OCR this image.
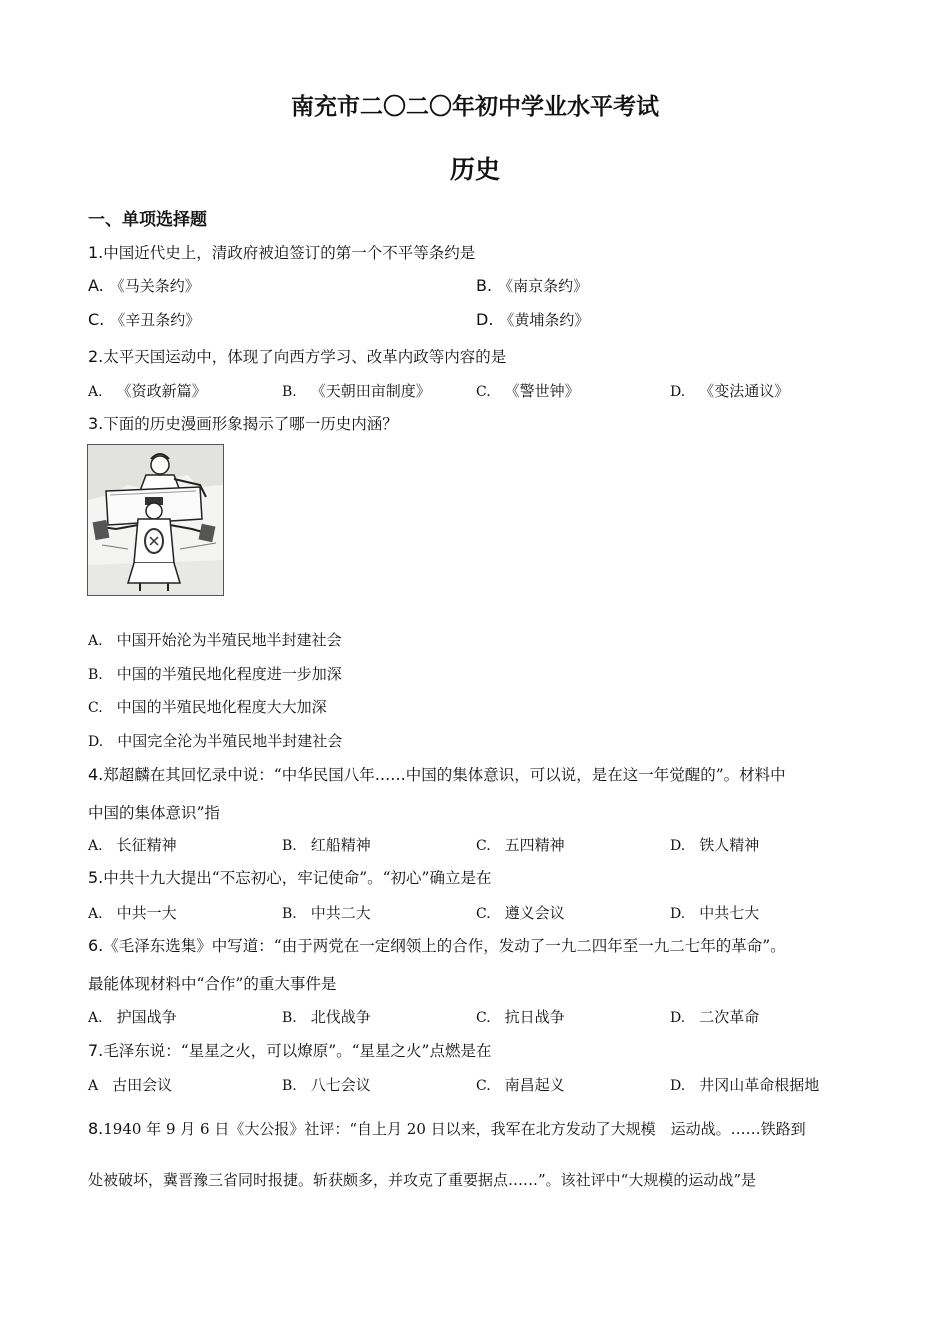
南充市二〇二〇年初中学业水平考试
历史
一、单项选择题
1.中国近代史上，清政府被迫签订的第一个不平等条约是
A. 《马关条约》	B. 《南京条约》
C. 《辛丑条约》	D. 《黄埔条约》
2.太平天国运动中，体现了向西方学习、改革内政等内容的是
A. 《资政新篇》	B. 《天朝田亩制度》	C. 《警世钟》	D. 《变法通议》
3.下面的历史漫画形象揭示了哪一历史内涵？
A. 中国开始沦为半殖民地半封建社会
B. 中国的半殖民地化程度进一步加深
C. 中国的半殖民地化程度大大加深
D. 中国完全沦为半殖民地半封建社会
4.郑超麟在其回忆录中说：“中华民国八年……中国的集体意识，可以说，是在这一年觉醒的”。材料中
中国的集体意识”指
A. 长征精神	B. 红船精神	C. 五四精神	D. 铁人精神
5.中共十九大提出“不忘初心，牢记使命”。“初心”确立是在
A. 中共一大	B. 中共二大	C. 遵义会议	D. 中共七大
6.《毛泽东选集》中写道：“由于两党在一定纲领上的合作，发动了一九二四年至一九二七年的革命”。
最能体现材料中“合作”的重大事件是
A. 护国战争	B. 北伐战争	C. 抗日战争	D. 二次革命
7.毛泽东说：“星星之火，可以燎原”。“星星之火”点燃是在
A 古田会议	B. 八七会议	C. 南昌起义	D. 井冈山革命根据地
8.1940 年 9 月 6 日《大公报》社评：“自上月 20 日以来，我军在北方发动了大规模　运动战。……铁路到
处被破坏，冀晋豫三省同时报捷。斩获颇多，并攻克了重要据点……”。该社评中“大规模的运动战”是
